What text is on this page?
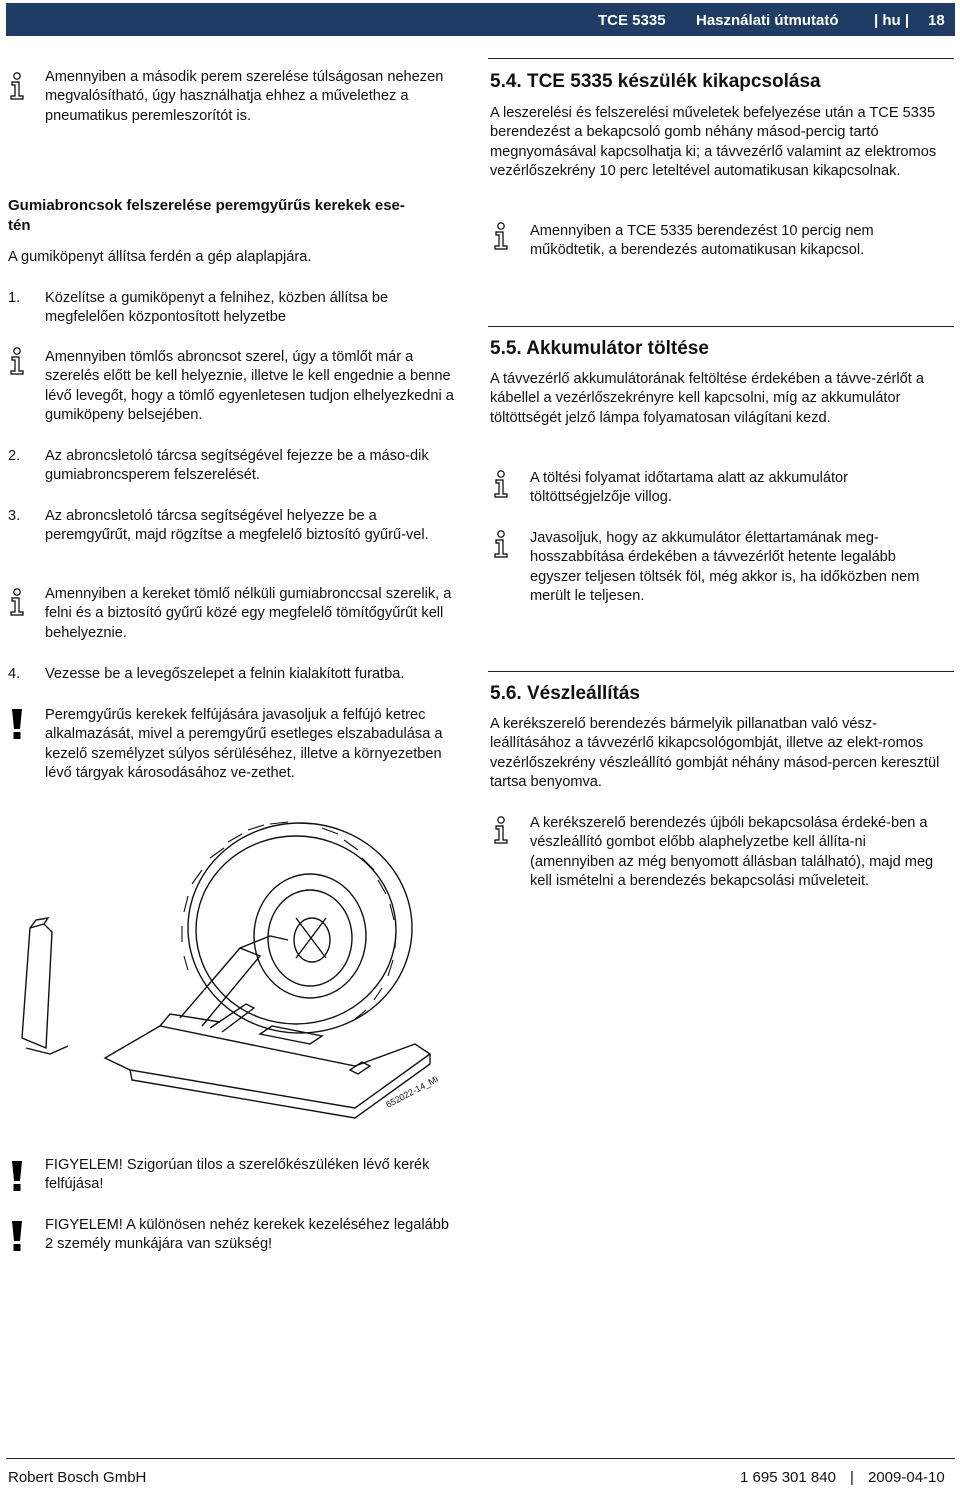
TCE 5335 Használati útmutató | hu | 18
Amennyiben a második perem szerelése túlságosan nehezen megvalósítható, úgy használhatja ehhez a művelethez a pneumatikus peremleszorítót is.
Gumiabroncsok felszerelése peremgyűrűs kerekek ese-
tén
A gumiköpenyt állítsa ferdén a gép alaplapjára.
1. Közelítse a gumiköpenyt a felnihez, közben állítsa be megfelelően központosított helyzetbe
Amennyiben tömlős abroncsot szerel, úgy a tömlőt már a szerelés előtt be kell helyeznie, illetve le kell engednie a benne lévő levegőt, hogy a tömlő egyenletesen tudjon elhelyezkedni a gumiköpeny belsejében.
2. Az abroncsletoló tárcsa segítségével fejezze be a máso-dik gumiabroncsperem felszerelését.
3. Az abroncsletoló tárcsa segítségével helyezze be a peremgyűrűt, majd rögzítse a megfelelő biztosító gyűrű-vel.
Amennyiben a kereket tömlő nélküli gumiabronccsal szerelik, a felni és a biztosító gyűrű közé egy megfelelő tömítőgyűrűt kell behelyeznie.
4. Vezesse be a levegőszelepet a felnin kialakított furatba.
Peremgyűrűs kerekek felfújására javasoljuk a felfújó ketrec alkalmazását, mivel a peremgyűrű esetleges elszabadulása a kezelő személyzet súlyos sérüléséhez, illetve a környezetben lévő tárgyak károsodásához ve-zethet.
652022-14_Mi
FIGYELEM! Szigorúan tilos a szerelőkészüléken lévő kerék felfújása!
FIGYELEM! A különösen nehéz kerekek kezeléséhez legalább 2 személy munkájára van szükség!
5.4. TCE 5335 készülék kikapcsolása
A leszerelési és felszerelési műveletek befelyezése után a TCE 5335 berendezést a bekapcsoló gomb néhány másod-percig tartó megnyomásával kapcsolhatja ki; a távvezérlő valamint az elektromos vezérlőszekrény 10 perc leteltével automatikusan kikapcsolnak.
Amennyiben a TCE 5335 berendezést 10 percig nem működtetik, a berendezés automatikusan kikapcsol.
5.5. Akkumulátor töltése
A távvezérlő akkumulátorának feltöltése érdekében a távve-zérlőt a kábellel a vezérlőszekrényre kell kapcsolni, míg az akkumulátor töltöttségét jelző lámpa folyamatosan világítani kezd.
A töltési folyamat időtartama alatt az akkumulátor töltöttségjelzője villog.
Javasoljuk, hogy az akkumulátor élettartamának meg-hosszabbítása érdekében a távvezérlőt hetente legalább egyszer teljesen töltsék föl, még akkor is, ha időközben nem merült le teljesen.
5.6. Vészleállítás
A kerékszerelő berendezés bármelyik pillanatban való vész-leállításához a távvezérlő kikapcsológombját, illetve az elekt-romos vezérlőszekrény vészleállító gombját néhány másod-percen keresztül tartsa benyomva.
A kerékszerelő berendezés újbóli bekapcsolása érdeké-ben a vészleállító gombot előbb alaphelyzetbe kell állíta-ni (amennyiben az még benyomott állásban található), majd meg kell ismételni a berendezés bekapcsolási műveleteit.
Robert Bosch GmbH	1 695 301 840 | 2009-04-10
